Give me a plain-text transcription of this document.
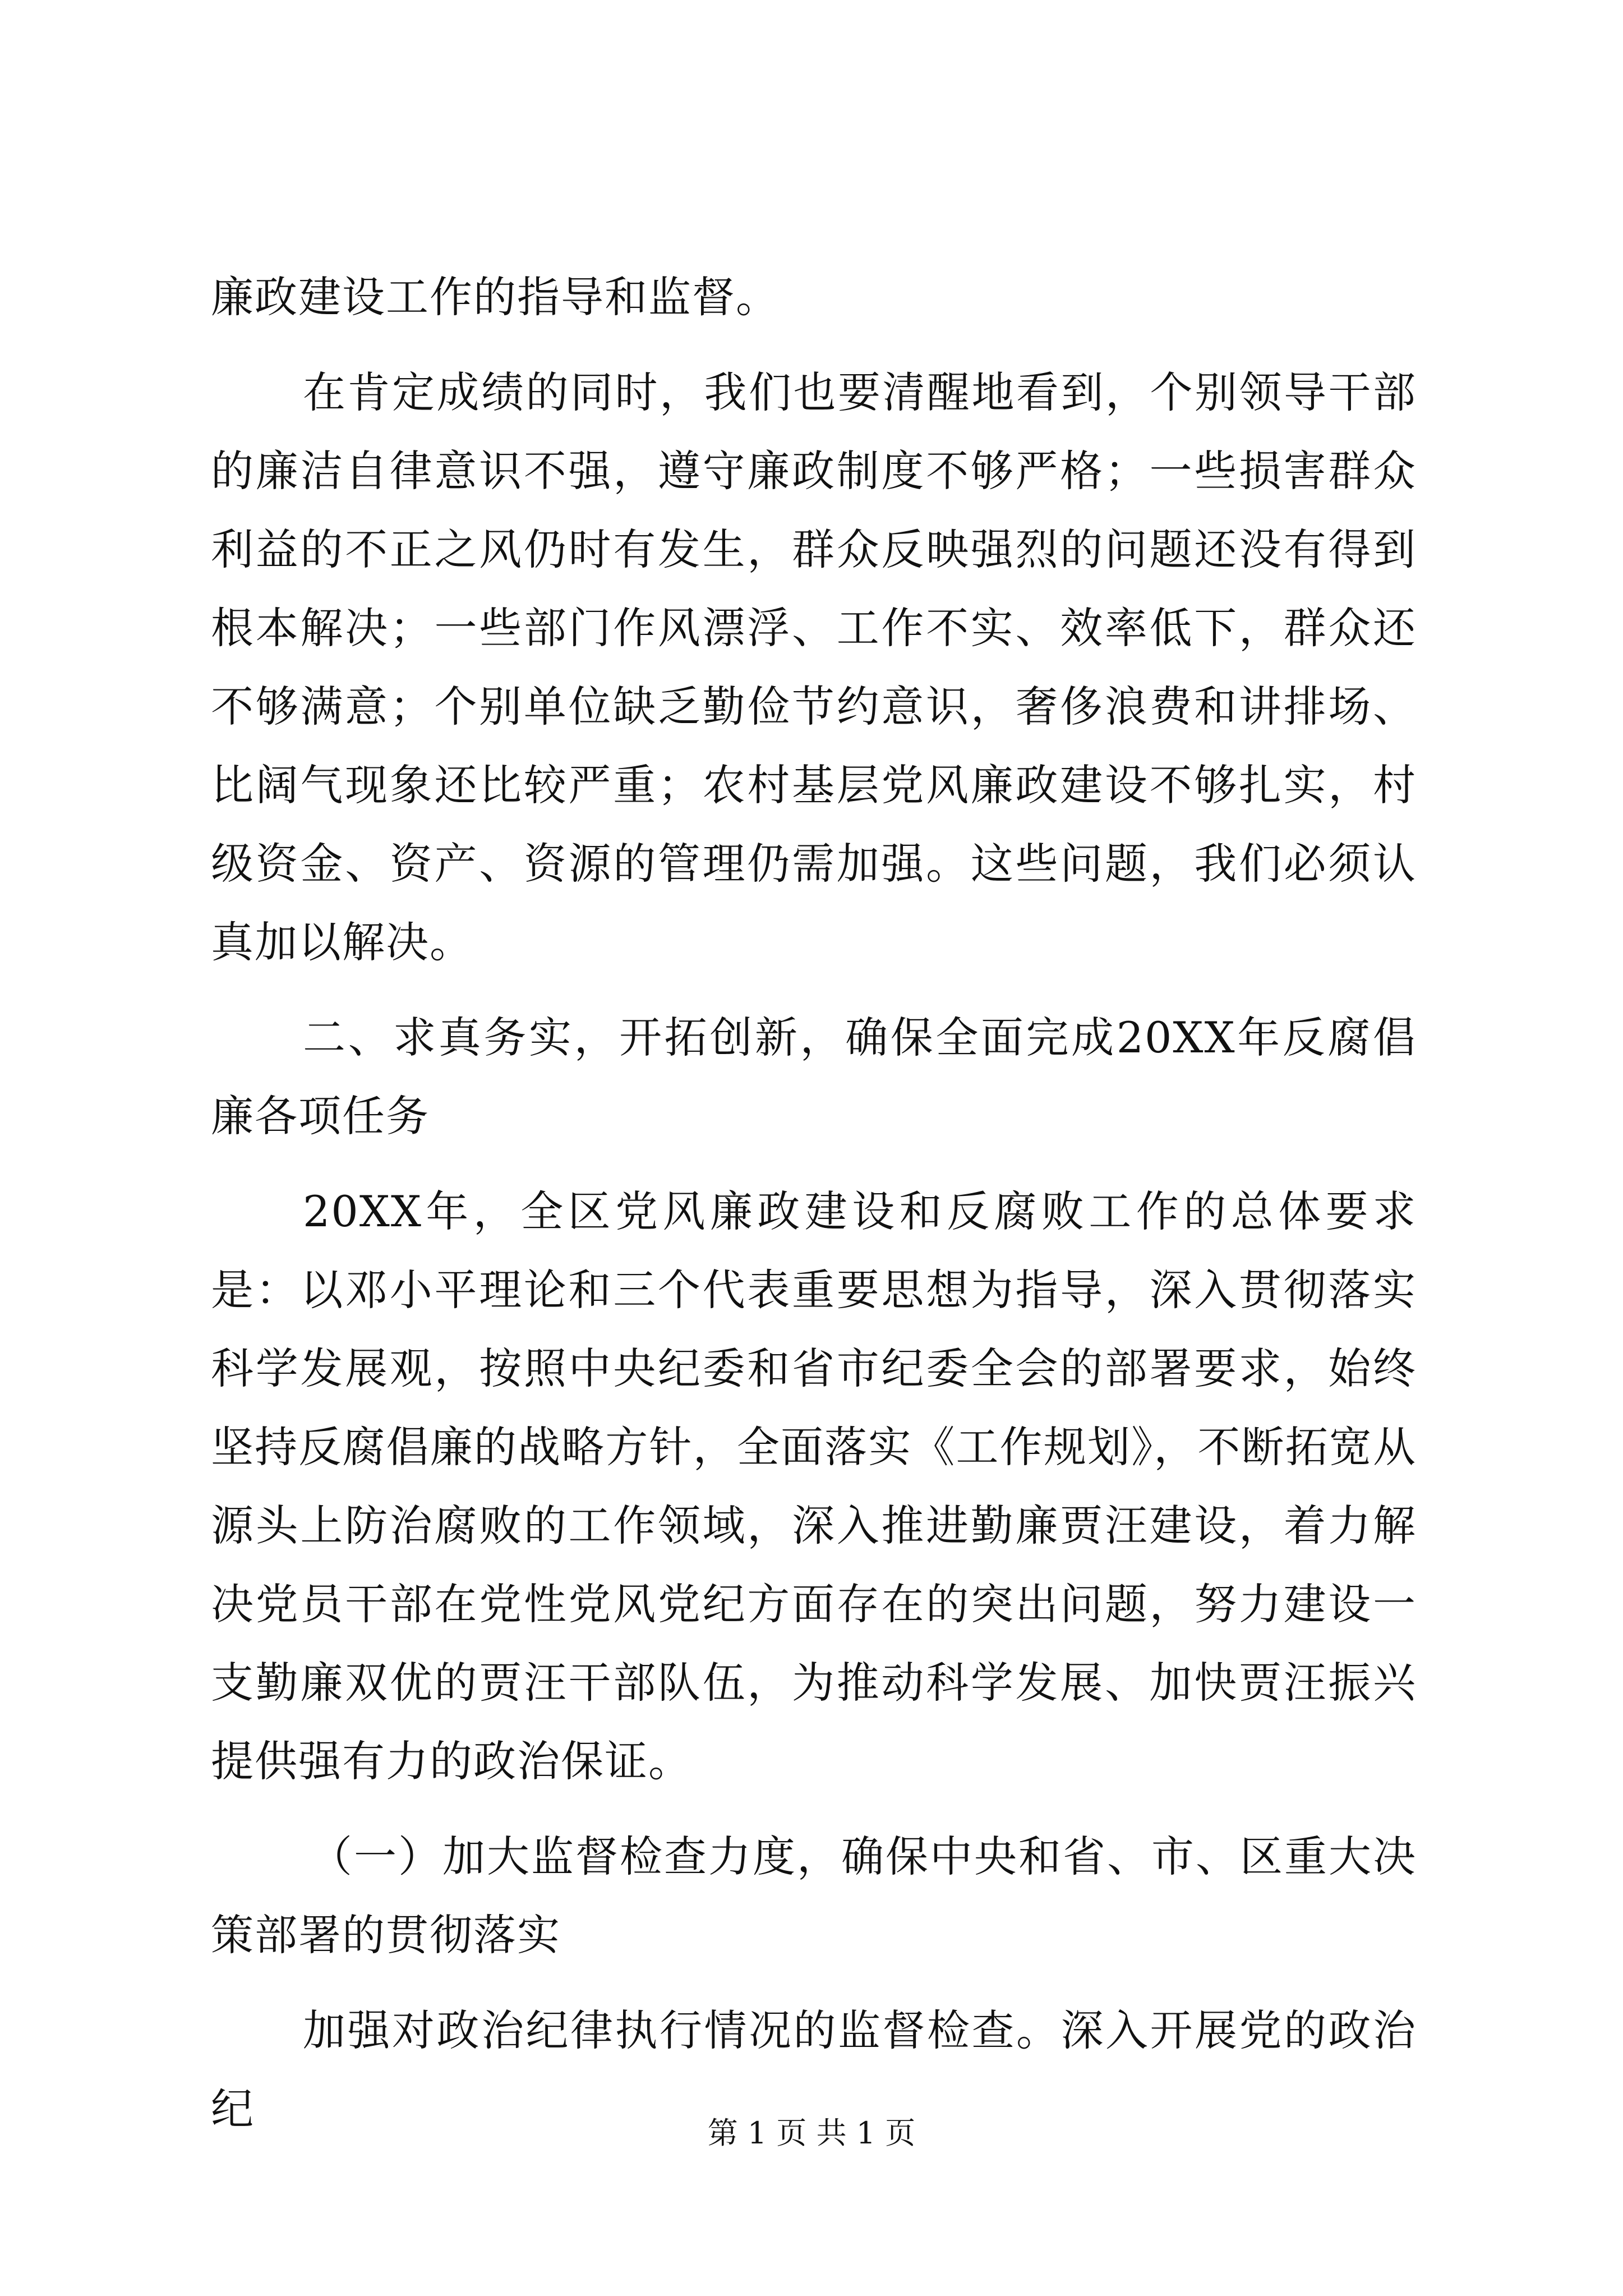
廉政建设工作的指导和监督。

在肯定成绩的同时，我们也要清醒地看到，个别领导干部的廉洁自律意识不强，遵守廉政制度不够严格；一些损害群众利益的不正之风仍时有发生，群众反映强烈的问题还没有得到根本解决；一些部门作风漂浮、工作不实、效率低下，群众还不够满意；个别单位缺乏勤俭节约意识，奢侈浪费和讲排场、比阔气现象还比较严重；农村基层党风廉政建设不够扎实，村级资金、资产、资源的管理仍需加强。这些问题，我们必须认真加以解决。

二、求真务实，开拓创新，确保全面完成20XX年反腐倡廉各项任务

20XX年，全区党风廉政建设和反腐败工作的总体要求是：以邓小平理论和三个代表重要思想为指导，深入贯彻落实科学发展观，按照中央纪委和省市纪委全会的部署要求，始终坚持反腐倡廉的战略方针，全面落实《工作规划》，不断拓宽从源头上防治腐败的工作领域，深入推进勤廉贾汪建设，着力解决党员干部在党性党风党纪方面存在的突出问题，努力建设一支勤廉双优的贾汪干部队伍，为推动科学发展、加快贾汪振兴提供强有力的政治保证。

（一）加大监督检查力度，确保中央和省、市、区重大决策部署的贯彻落实

加强对政治纪律执行情况的监督检查。深入开展党的政治纪	第 1 页 共 1 页
